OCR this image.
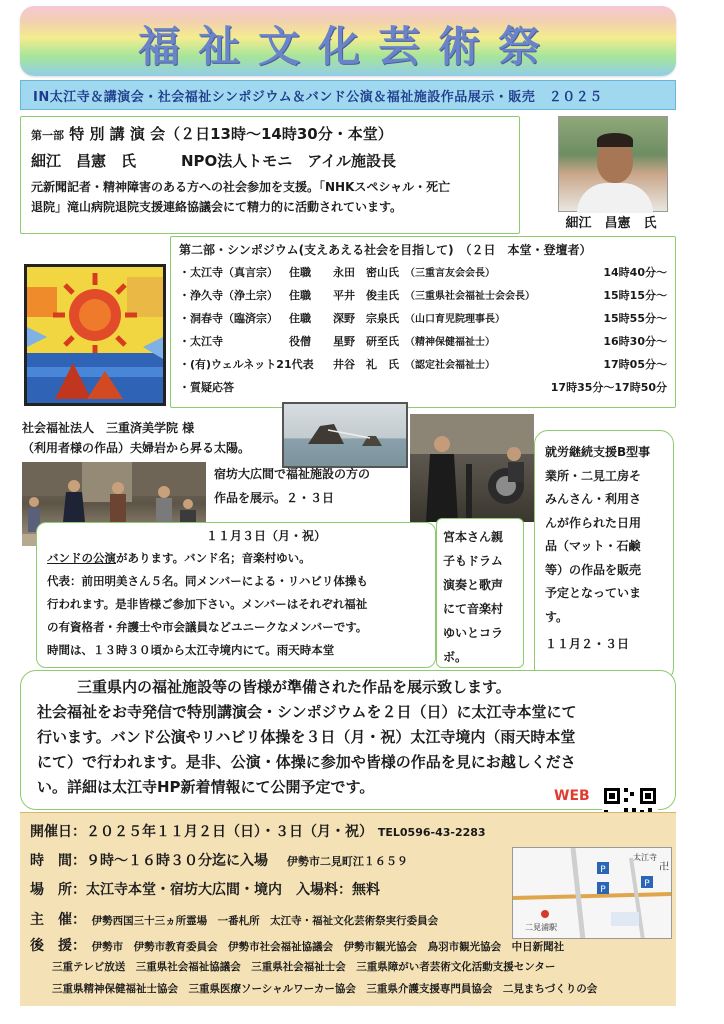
福祉文化芸術祭
IN太江寺＆講演会・社会福祉シンポジウム＆バンド公演＆福祉施設作品展示・販売　２０２５
第一部 特 別 講 演 会（２日13時〜14時30分・本堂）
細江　昌憲　氏　　　NPO法人トモニ　アイル施設長
元新聞記者・精神障害のある方への社会参加を支援。「NHKスペシャル・死亡
退院」滝山病院退院支援連絡協議会にて精力的に活動されています。
細江　昌憲　氏
第二部・シンポジウム(支えあえる社会を目指して)　（２日　本堂・登壇者）
・太江寺（真言宗）	住職	永田　密山氏 （三重言友会会長）	14時40分〜
・浄久寺（浄土宗）	住職	平井　俊圭氏 （三重県社会福祉士会会長）	15時15分〜
・洞春寺（臨済宗）	住職	深野　宗泉氏 （山口育児院理事長）	15時55分〜
・太江寺	役僧	星野　研至氏 （精神保健福祉士）	16時30分〜
・(有)ウェルネット21代表	井谷　礼　氏 （認定社会福祉士）	17時05分〜
・質疑応答	17時35分〜17時50分
社会福祉法人　三重済美学院 様
（利用者様の作品）夫婦岩から昇る太陽。
宿坊大広間で福祉施設の方の
作品を展示。２・３日
１１月３日（月・祝）
バンドの公演があります。バンド名；音楽村ゆい。
代表：前田明美さん５名。同メンバーによる・リハビリ体操も
行われます。是非皆様ご参加下さい。メンバーはそれぞれ福祉
の有資格者・弁護士や市会議員などユニークなメンバーです。
時間は、１３時３０頃から太江寺境内にて。雨天時本堂
宮本さん親
子もドラム
演奏と歌声
にて音楽村
ゆいとコラ
ボ。
就労継続支援B型事
業所・二見工房そ
みんさん・利用さ
んが作られた日用
品（マット・石鹸
等）の作品を販売
予定となっていま
す。
１１月２・３日
三重県内の福祉施設等の皆様が準備された作品を展示致します。
社会福祉をお寺発信で特別講演会・シンポジウムを２日（日）に太江寺本堂にて
行います。バンド公演やリハビリ体操を３日（月・祝）太江寺境内（雨天時本堂
にて）で行われます。是非、公演・体操に参加や皆様の作品を見にお越しくださ
い。詳細は太江寺HP新着情報にて公開予定です。	WEB
開催日：２０２５年１１月２日（日）・３日（月・祝） TEL0596-43-2283
時　間：９時〜１６時３０分迄に入場 伊勢市二見町江１６５９
場　所：太江寺本堂・宿坊大広間・境内　入場料：無料
主　催： 伊勢西国三十三ヵ所霊場　一番札所　太江寺・福祉文化芸術祭実行委員会
後　援： 伊勢市　伊勢市教育委員会　伊勢市社会福祉協議会　伊勢市観光協会　鳥羽市観光協会　中日新聞社
三重テレビ放送　三重県社会福祉協議会　三重県社会福祉士会　三重県障がい者芸術文化活動支援センター
三重県精神保健福祉士協会　三重県医療ソーシャルワーカー協会　三重県介護支援専門員協会　二見まちづくりの会
P
P
P
太江寺
卍
二見浦駅
